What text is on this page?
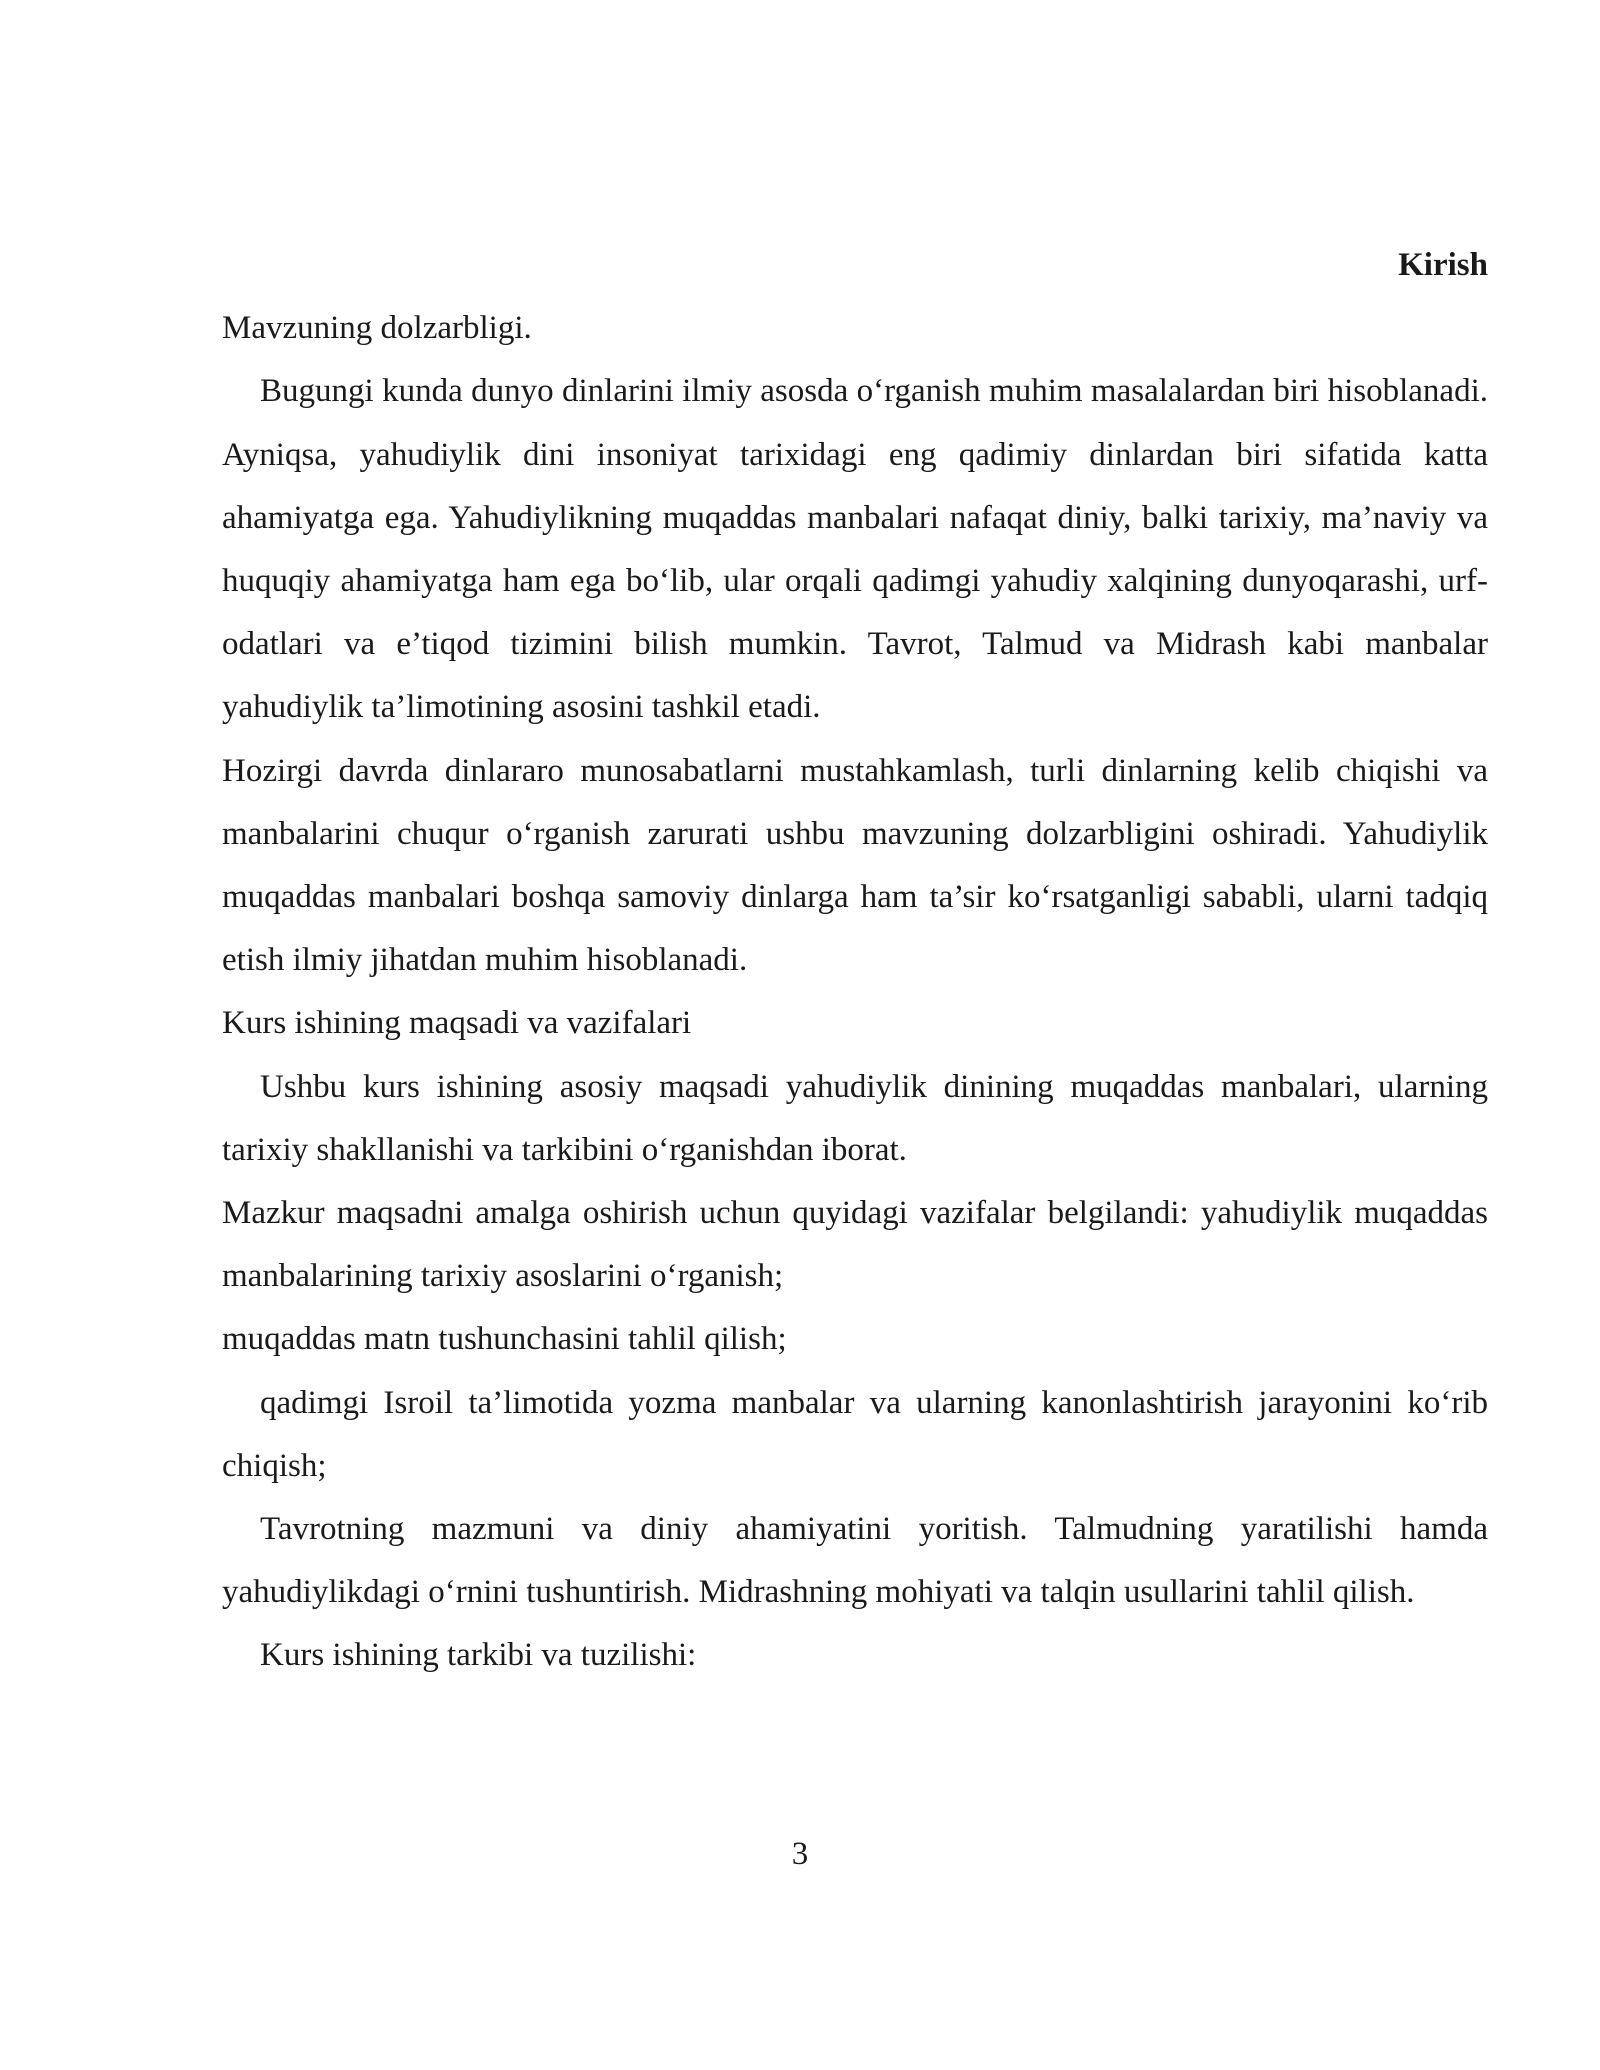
Kirish

Mavzuning dolzarbligi.

Bugungi kunda dunyo dinlarini ilmiy asosda o‘rganish muhim masalalardan biri hisoblanadi. Ayniqsa, yahudiylik dini insoniyat tarixidagi eng qadimiy dinlardan biri sifatida katta ahamiyatga ega. Yahudiylikning muqaddas manbalari nafaqat diniy, balki tarixiy, ma’naviy va huquqiy ahamiyatga ham ega bo‘lib, ular orqali qadimgi yahudiy xalqining dunyoqarashi, urf-odatlari va e’tiqod tizimini bilish mumkin. Tavrot, Talmud va Midrash kabi manbalar yahudiylik ta’limotining asosini tashkil etadi.

Hozirgi davrda dinlararo munosabatlarni mustahkamlash, turli dinlarning kelib chiqishi va manbalarini chuqur o‘rganish zarurati ushbu mavzuning dolzarbligini oshiradi. Yahudiylik muqaddas manbalari boshqa samoviy dinlarga ham ta’sir ko‘rsatganligi sababli, ularni tadqiq etish ilmiy jihatdan muhim hisoblanadi.

Kurs ishining maqsadi va vazifalari

Ushbu kurs ishining asosiy maqsadi yahudiylik dinining muqaddas manbalari, ularning tarixiy shakllanishi va tarkibini o‘rganishdan iborat.

Mazkur maqsadni amalga oshirish uchun quyidagi vazifalar belgilandi: yahudiylik muqaddas manbalarining tarixiy asoslarini o‘rganish;

muqaddas matn tushunchasini tahlil qilish;

qadimgi Isroil ta’limotida yozma manbalar va ularning kanonlashtirish jarayonini ko‘rib chiqish;

Tavrotning mazmuni va diniy ahamiyatini yoritish. Talmudning yaratilishi hamda yahudiylikdagi o‘rnini tushuntirish. Midrashning mohiyati va talqin usullarini tahlil qilish.

Kurs ishining tarkibi va tuzilishi:

3
